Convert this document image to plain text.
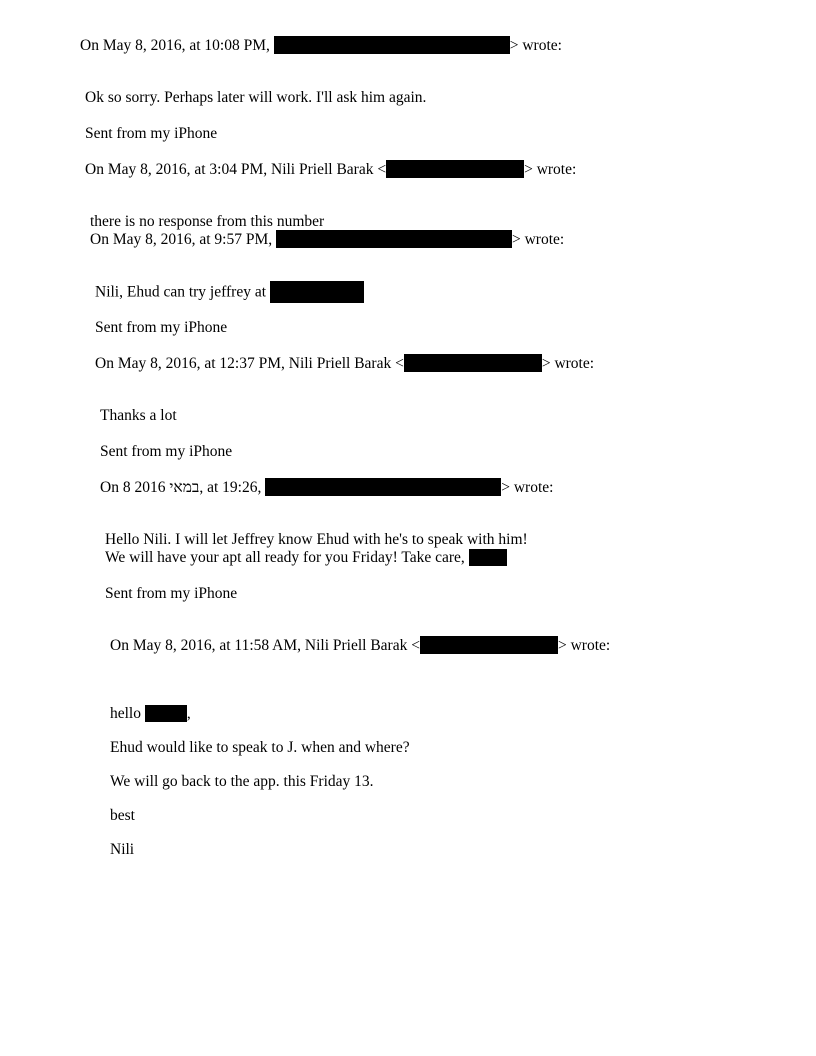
On May 8, 2016, at 10:08 PM,	> wrote:
Ok so sorry. Perhaps later will work. I'll ask him again.
Sent from my iPhone
On May 8, 2016, at 3:04 PM, Nili Priell Barak <	> wrote:
there is no response from this number
On May 8, 2016, at 9:57 PM,	> wrote:
Nili, Ehud can try jeffrey at
Sent from my iPhone
On May 8, 2016, at 12:37 PM, Nili Priell Barak <	> wrote:
Thanks a lot
Sent from my iPhone
On 8 2016 במאי, at 19:26,	> wrote:
Hello Nili. I will let Jeffrey know Ehud with he's to speak with him!
We will have your apt all ready for you Friday! Take care,
Sent from my iPhone
On May 8, 2016, at 11:58 AM, Nili Priell Barak <	> wrote:
hello	,
Ehud would like to speak to J. when and where?
We will go back to the app. this Friday 13.
best
Nili
